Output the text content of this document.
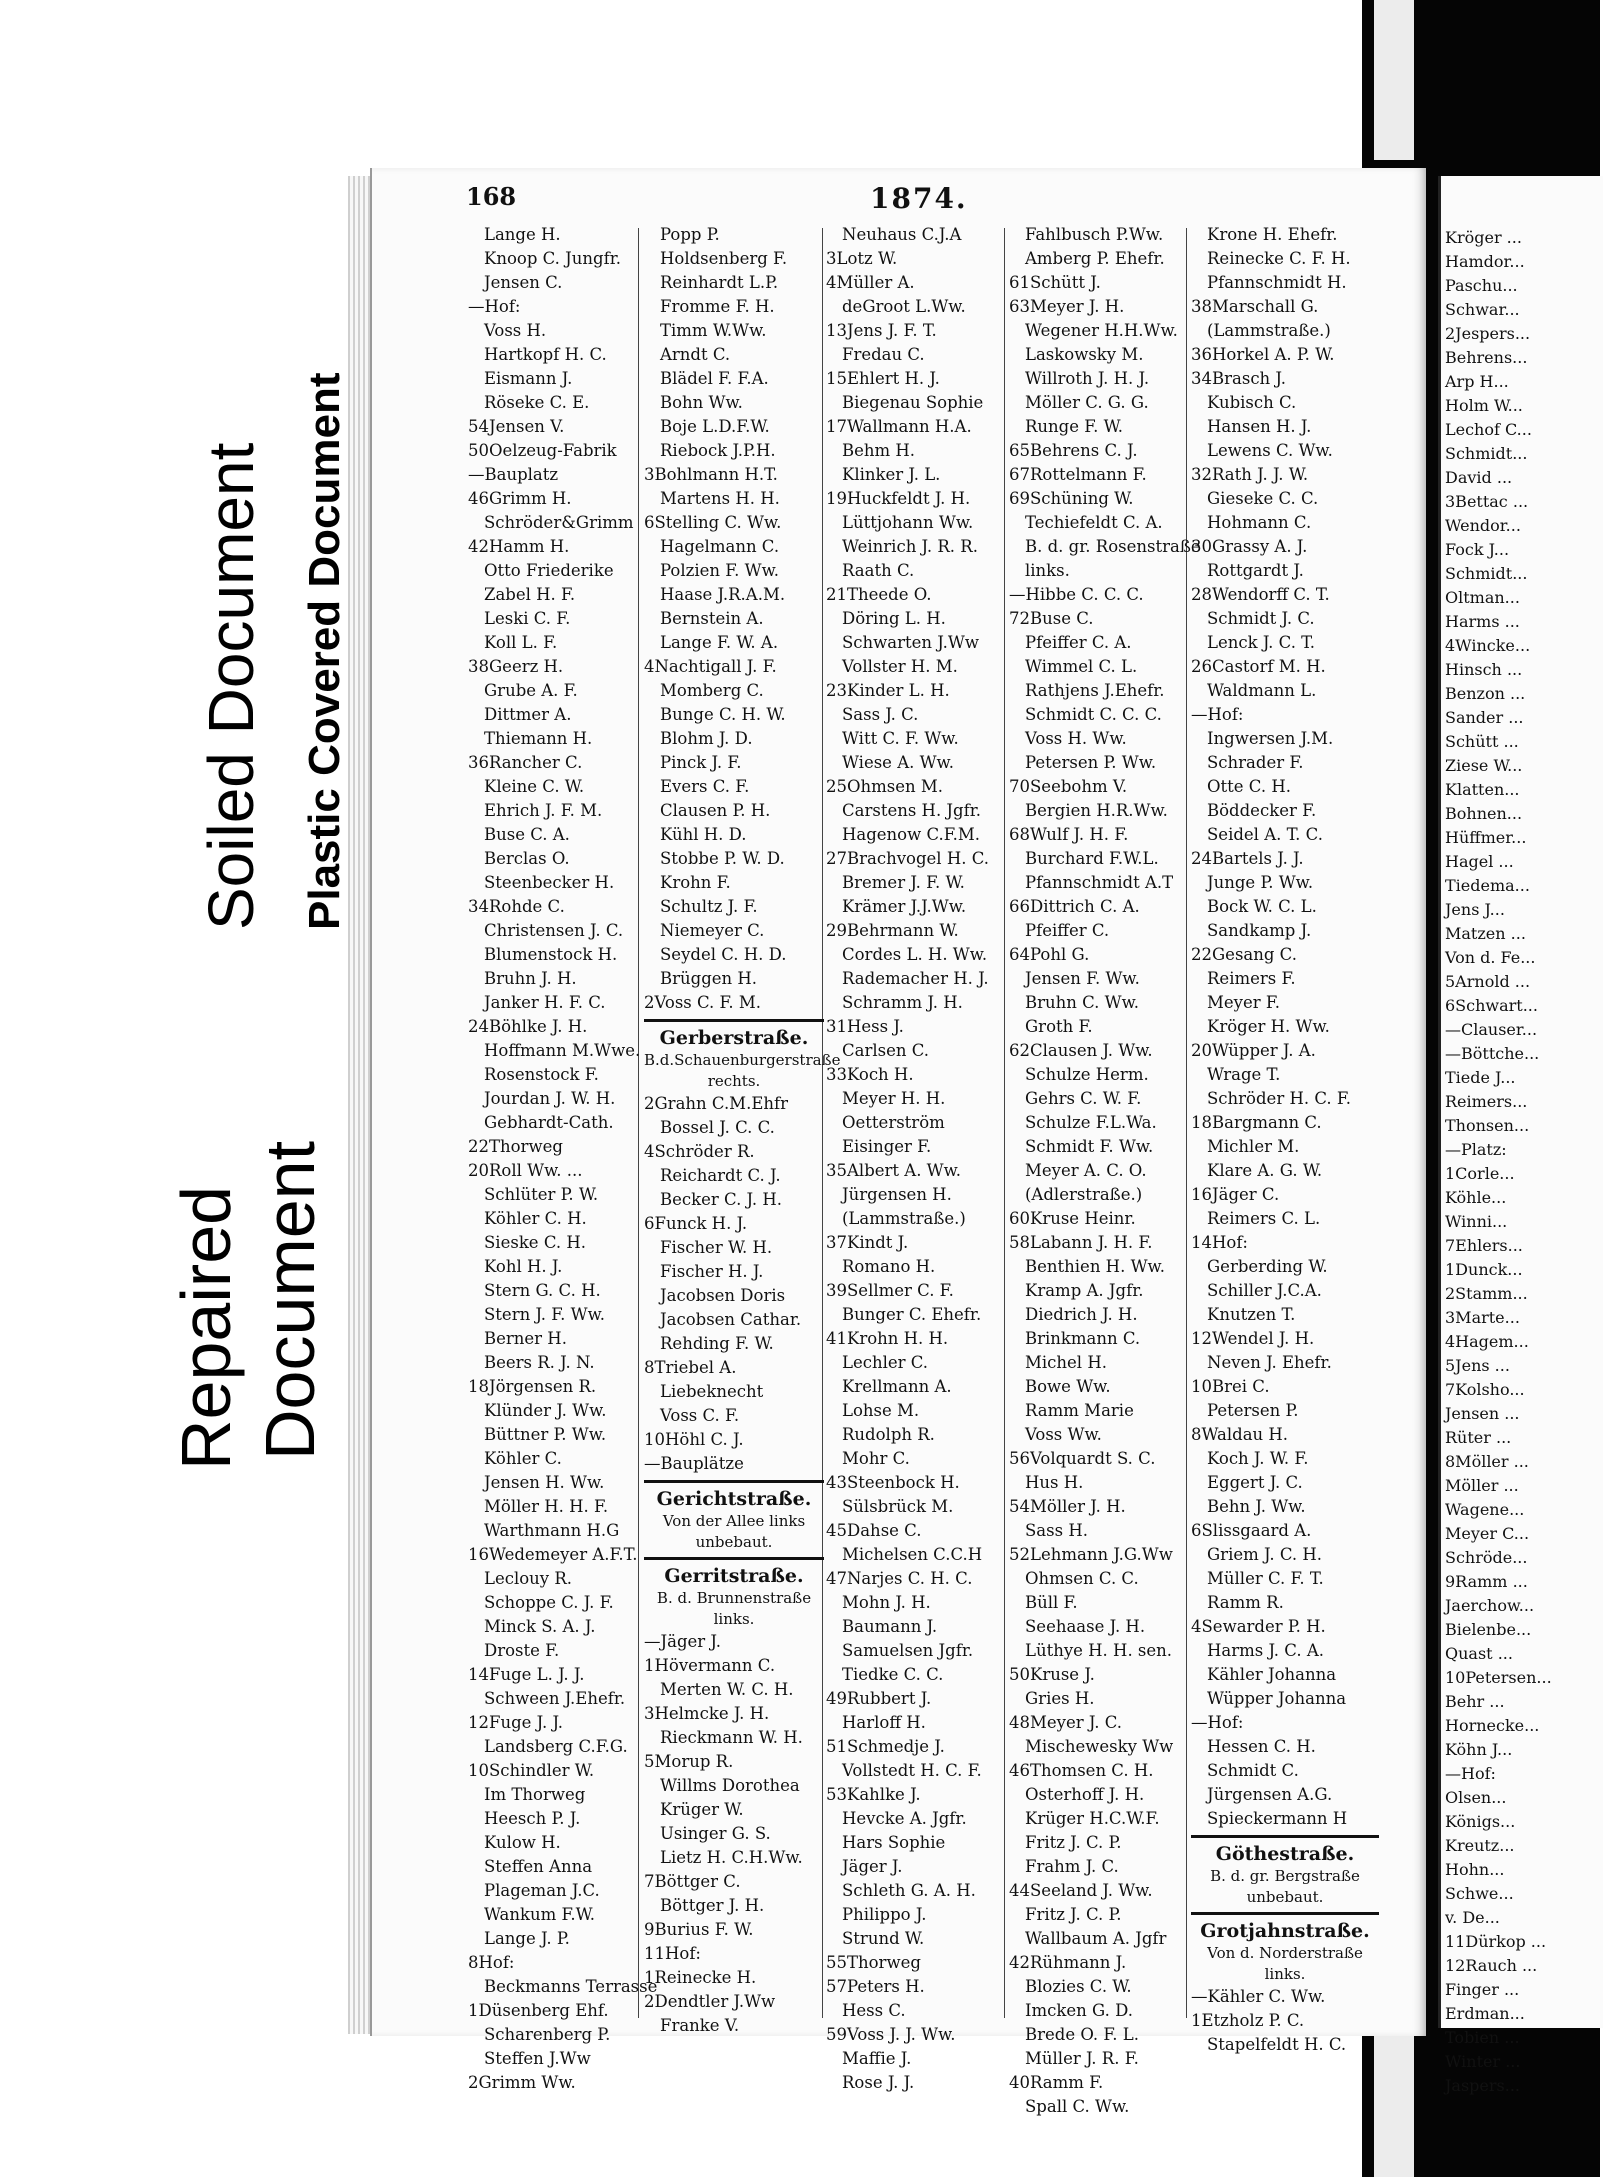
Soiled Document Plastic Covered Document
Repaired Document
168	1874.
Lange H.
Knoop C. Jungfr.
Jensen C.
—Hof:
Voss H.
Hartkopf H. C.
Eismann J.
Röseke C. E.
54Jensen V.
50Oelzeug-Fabrik
—Bauplatz
46Grimm H.
Schröder&Grimm
42Hamm H.
Otto Friederike
Zabel H. F.
Leski C. F.
Koll L. F.
38Geerz H.
Grube A. F.
Dittmer A.
Thiemann H.
36Rancher C.
Kleine C. W.
Ehrich J. F. M.
Buse C. A.
Berclas O.
Steenbecker H.
34Rohde C.
Christensen J. C.
Blumenstock H.
Bruhn J. H.
Janker H. F. C.
24Böhlke J. H.
Hoffmann M.Wwe.
Rosenstock F.
Jourdan J. W. H.
Gebhardt-Cath.
22Thorweg
20Roll Ww. ...
Schlüter P. W.
Köhler C. H.
Sieske C. H.
Kohl H. J.
Stern G. C. H.
Stern J. F. Ww.
Berner H.
Beers R. J. N.
18Jörgensen R.
Klünder J. Ww.
Büttner P. Ww.
Köhler C.
Jensen H. Ww.
Möller H. H. F.
Warthmann H.G
16Wedemeyer A.F.T.
Leclouy R.
Schoppe C. J. F.
Minck S. A. J.
Droste F.
14Fuge L. J. J.
Schween J.Ehefr.
12Fuge J. J.
Landsberg C.F.G.
10Schindler W.
Im Thorweg
Heesch P. J.
Kulow H.
Steffen Anna
Plageman J.C.
Wankum F.W.
Lange J. P.
8Hof:
Beckmanns Terrasse
1Düsenberg Ehf.
Scharenberg P.
Steffen J.Ww
2Grimm Ww.
Popp P.
Holdsenberg F.
Reinhardt L.P.
Fromme F. H.
Timm W.Ww.
Arndt C.
Blädel F. F.A.
Bohn Ww.
Boje L.D.F.W.
Riebock J.P.H.
3Bohlmann H.T.
Martens H. H.
6Stelling C. Ww.
Hagelmann C.
Polzien F. Ww.
Haase J.R.A.M.
Bernstein A.
Lange F. W. A.
4Nachtigall J. F.
Momberg C.
Bunge C. H. W.
Blohm J. D.
Pinck J. F.
Evers C. F.
Clausen P. H.
Kühl H. D.
Stobbe P. W. D.
Krohn F.
Schultz J. F.
Niemeyer C.
Seydel C. H. D.
Brüggen H.
2Voss C. F. M.
Gerberstraße.
B.d.Schauenburgerstraße rechts.
2Grahn C.M.Ehfr
Bossel J. C. C.
4Schröder R.
Reichardt C. J.
Becker C. J. H.
6Funck H. J.
Fischer W. H.
Fischer H. J.
Jacobsen Doris
Jacobsen Cathar.
Rehding F. W.
8Triebel A.
Liebeknecht
Voss C. F.
10Höhl C. J.
—Bauplätze
Gerichtstraße.
Von der Allee links unbebaut.
Gerritstraße.
B. d. Brunnenstraße links.
—Jäger J.
1Hövermann C.
Merten W. C. H.
3Helmcke J. H.
Rieckmann W. H.
5Morup R.
Willms Dorothea
Krüger W.
Usinger G. S.
Lietz H. C.H.Ww.
7Böttger C.
Böttger J. H.
9Burius F. W.
11Hof:
1Reinecke H.
2Dendtler J.Ww
Franke V.
Neuhaus C.J.A
3Lotz W.
4Müller A.
deGroot L.Ww.
13Jens J. F. T.
Fredau C.
15Ehlert H. J.
Biegenau Sophie
17Wallmann H.A.
Behm H.
Klinker J. L.
19Huckfeldt J. H.
Lüttjohann Ww.
Weinrich J. R. R.
Raath C.
21Theede O.
Döring L. H.
Schwarten J.Ww
Vollster H. M.
23Kinder L. H.
Sass J. C.
Witt C. F. Ww.
Wiese A. Ww.
25Ohmsen M.
Carstens H. Jgfr.
Hagenow C.F.M.
27Brachvogel H. C.
Bremer J. F. W.
Krämer J.J.Ww.
29Behrmann W.
Cordes L. H. Ww.
Rademacher H. J.
Schramm J. H.
31Hess J.
Carlsen C.
33Koch H.
Meyer H. H.
Oetterström
Eisinger F.
35Albert A. Ww.
Jürgensen H.
(Lammstraße.)
37Kindt J.
Romano H.
39Sellmer C. F.
Bunger C. Ehefr.
41Krohn H. H.
Lechler C.
Krellmann A.
Lohse M.
Rudolph R.
Mohr C.
43Steenbock H.
Sülsbrück M.
45Dahse C.
Michelsen C.C.H
47Narjes C. H. C.
Mohn J. H.
Baumann J.
Samuelsen Jgfr.
Tiedke C. C.
49Rubbert J.
Harloff H.
51Schmedje J.
Vollstedt H. C. F.
53Kahlke J.
Hevcke A. Jgfr.
Hars Sophie
Jäger J.
Schleth G. A. H.
Philippo J.
Strund W.
55Thorweg
57Peters H.
Hess C.
59Voss J. J. Ww.
Maffie J.
Rose J. J.
Fahlbusch P.Ww.
Amberg P. Ehefr.
61Schütt J.
63Meyer J. H.
Wegener H.H.Ww.
Laskowsky M.
Willroth J. H. J.
Möller C. G. G.
Runge F. W.
65Behrens C. J.
67Rottelmann F.
69Schüning W.
Techiefeldt C. A.
B. d. gr. Rosenstraße
links.
—Hibbe C. C. C.
72Buse C.
Pfeiffer C. A.
Wimmel C. L.
Rathjens J.Ehefr.
Schmidt C. C. C.
Voss H. Ww.
Petersen P. Ww.
70Seebohm V.
Bergien H.R.Ww.
68Wulf J. H. F.
Burchard F.W.L.
Pfannschmidt A.T
66Dittrich C. A.
Pfeiffer C.
64Pohl G.
Jensen F. Ww.
Bruhn C. Ww.
Groth F.
62Clausen J. Ww.
Schulze Herm.
Gehrs C. W. F.
Schulze F.L.Wa.
Schmidt F. Ww.
Meyer A. C. O.
(Adlerstraße.)
60Kruse Heinr.
58Labann J. H. F.
Benthien H. Ww.
Kramp A. Jgfr.
Diedrich J. H.
Brinkmann C.
Michel H.
Bowe Ww.
Ramm Marie
Voss Ww.
56Volquardt S. C.
Hus H.
54Möller J. H.
Sass H.
52Lehmann J.G.Ww
Ohmsen C. C.
Büll F.
Seehaase J. H.
Lüthye H. H. sen.
50Kruse J.
Gries H.
48Meyer J. C.
Mischewesky Ww
46Thomsen C. H.
Osterhoff J. H.
Krüger H.C.W.F.
Fritz J. C. P.
Frahm J. C.
44Seeland J. Ww.
Fritz J. C. P.
Wallbaum A. Jgfr
42Rühmann J.
Blozies C. W.
Imcken G. D.
Brede O. F. L.
Müller J. R. F.
40Ramm F.
Spall C. Ww.
Krone H. Ehefr.
Reinecke C. F. H.
Pfannschmidt H.
38Marschall G.
(Lammstraße.)
36Horkel A. P. W.
34Brasch J.
Kubisch C.
Hansen H. J.
Lewens C. Ww.
32Rath J. J. W.
Gieseke C. C.
Hohmann C.
30Grassy A. J.
Rottgardt J.
28Wendorff C. T.
Schmidt J. C.
Lenck J. C. T.
26Castorf M. H.
Waldmann L.
—Hof:
Ingwersen J.M.
Schrader F.
Otte C. H.
Böddecker F.
Seidel A. T. C.
24Bartels J. J.
Junge P. Ww.
Bock W. C. L.
Sandkamp J.
22Gesang C.
Reimers F.
Meyer F.
Kröger H. Ww.
20Wüpper J. A.
Wrage T.
Schröder H. C. F.
18Bargmann C.
Michler M.
Klare A. G. W.
16Jäger C.
Reimers C. L.
14Hof:
Gerberding W.
Schiller J.C.A.
Knutzen T.
12Wendel J. H.
Neven J. Ehefr.
10Brei C.
Petersen P.
8Waldau H.
Koch J. W. F.
Eggert J. C.
Behn J. Ww.
6Slissgaard A.
Griem J. C. H.
Müller C. F. T.
Ramm R.
4Sewarder P. H.
Harms J. C. A.
Kähler Johanna
Wüpper Johanna
—Hof:
Hessen C. H.
Schmidt C.
Jürgensen A.G.
Spieckermann H
Göthestraße.
B. d. gr. Bergstraße unbebaut.
Grotjahnstraße.
Von d. Norderstraße links.
—Kähler C. Ww.
1Etzholz P. C.
Stapelfeldt H. C.
Kröger ...
Hamdor...
Paschu...
Schwar...
2Jespers...
Behrens...
Arp H...
Holm W...
Lechof C...
Schmidt...
David ...
3Bettac ...
Wendor...
Fock J...
Schmidt...
Oltman...
Harms ...
4Wincke...
Hinsch ...
Benzon ...
Sander ...
Schütt ...
Ziese W...
Klatten...
Bohnen...
Hüffmer...
Hagel ...
Tiedema...
Jens J...
Matzen ...
Von d. Fe...
5Arnold ...
6Schwart...
—Clauser...
—Böttche...
Tiede J...
Reimers...
Thonsen...
—Platz:
1Corle...
Köhle...
Winni...
7Ehlers...
1Dunck...
2Stamm...
3Marte...
4Hagem...
5Jens ...
7Kolsho...
Jensen ...
Rüter ...
8Möller ...
Möller ...
Wagene...
Meyer C...
Schröde...
9Ramm ...
Jaerchow...
Bielenbe...
Quast ...
10Petersen...
Behr ...
Hornecke...
Köhn J...
—Hof:
Olsen...
Königs...
Kreutz...
Hohn...
Schwe...
v. De...
11Dürkop ...
12Rauch ...
Finger ...
Erdman...
Tobien ...
Winter ...
Jaspers...
